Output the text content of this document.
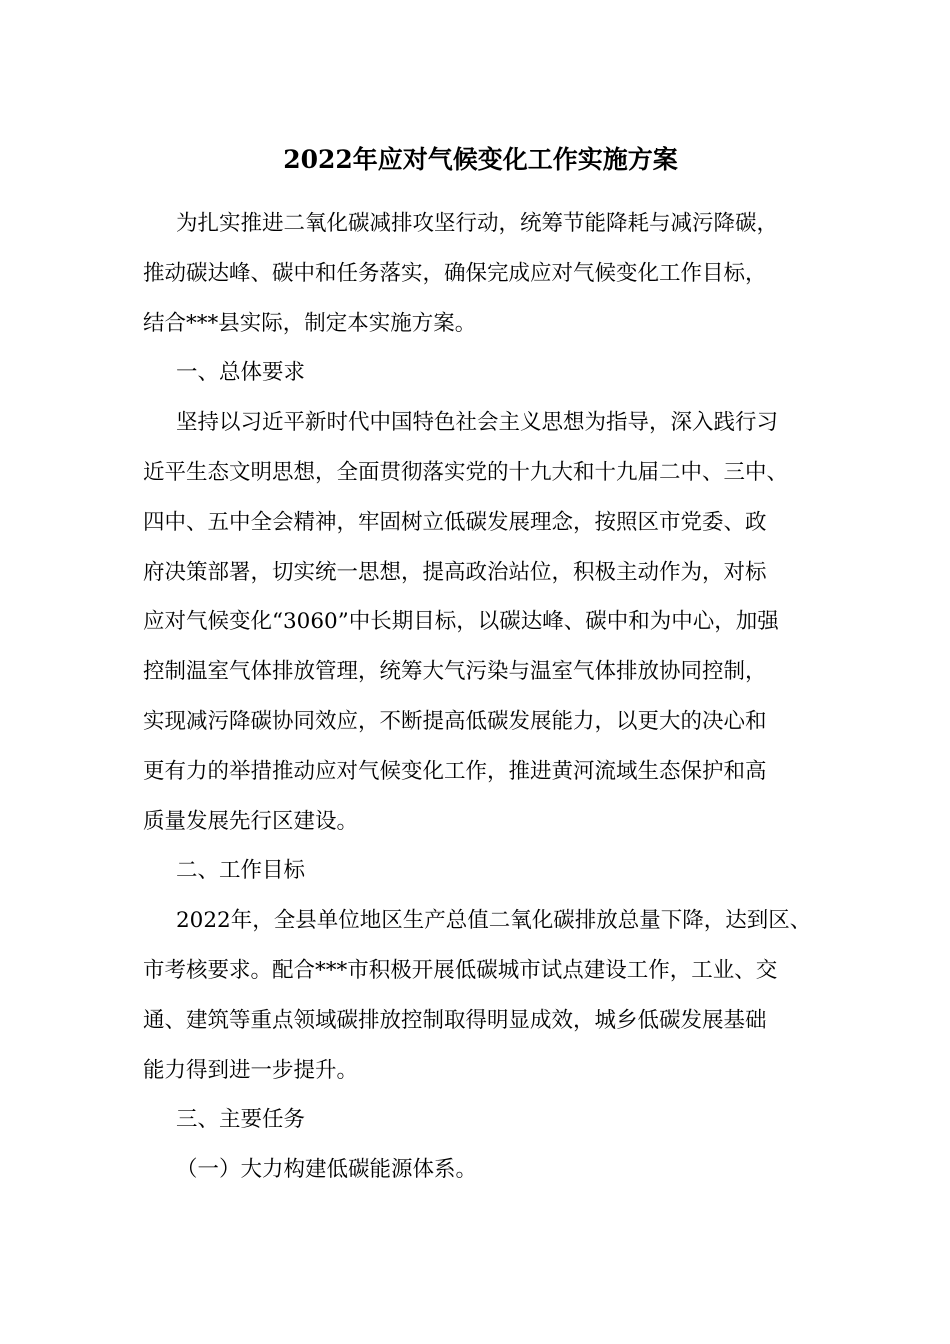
2022年应对气候变化工作实施方案
为扎实推进二氧化碳减排攻坚行动，统筹节能降耗与减污降碳，
推动碳达峰、碳中和任务落实，确保完成应对气候变化工作目标，
结合***县实际，制定本实施方案。
一、总体要求
坚持以习近平新时代中国特色社会主义思想为指导，深入践行习
近平生态文明思想，全面贯彻落实党的十九大和十九届二中、三中、
四中、五中全会精神，牢固树立低碳发展理念，按照区市党委、政
府决策部署，切实统一思想，提高政治站位，积极主动作为，对标
应对气候变化“3060”中长期目标，以碳达峰、碳中和为中心，加强
控制温室气体排放管理，统筹大气污染与温室气体排放协同控制，
实现减污降碳协同效应，不断提高低碳发展能力，以更大的决心和
更有力的举措推动应对气候变化工作，推进黄河流域生态保护和高
质量发展先行区建设。
二、工作目标
2022年，全县单位地区生产总值二氧化碳排放总量下降，达到区、
市考核要求。配合***市积极开展低碳城市试点建设工作，工业、交
通、建筑等重点领域碳排放控制取得明显成效，城乡低碳发展基础
能力得到进一步提升。
三、主要任务
（一）大力构建低碳能源体系。
